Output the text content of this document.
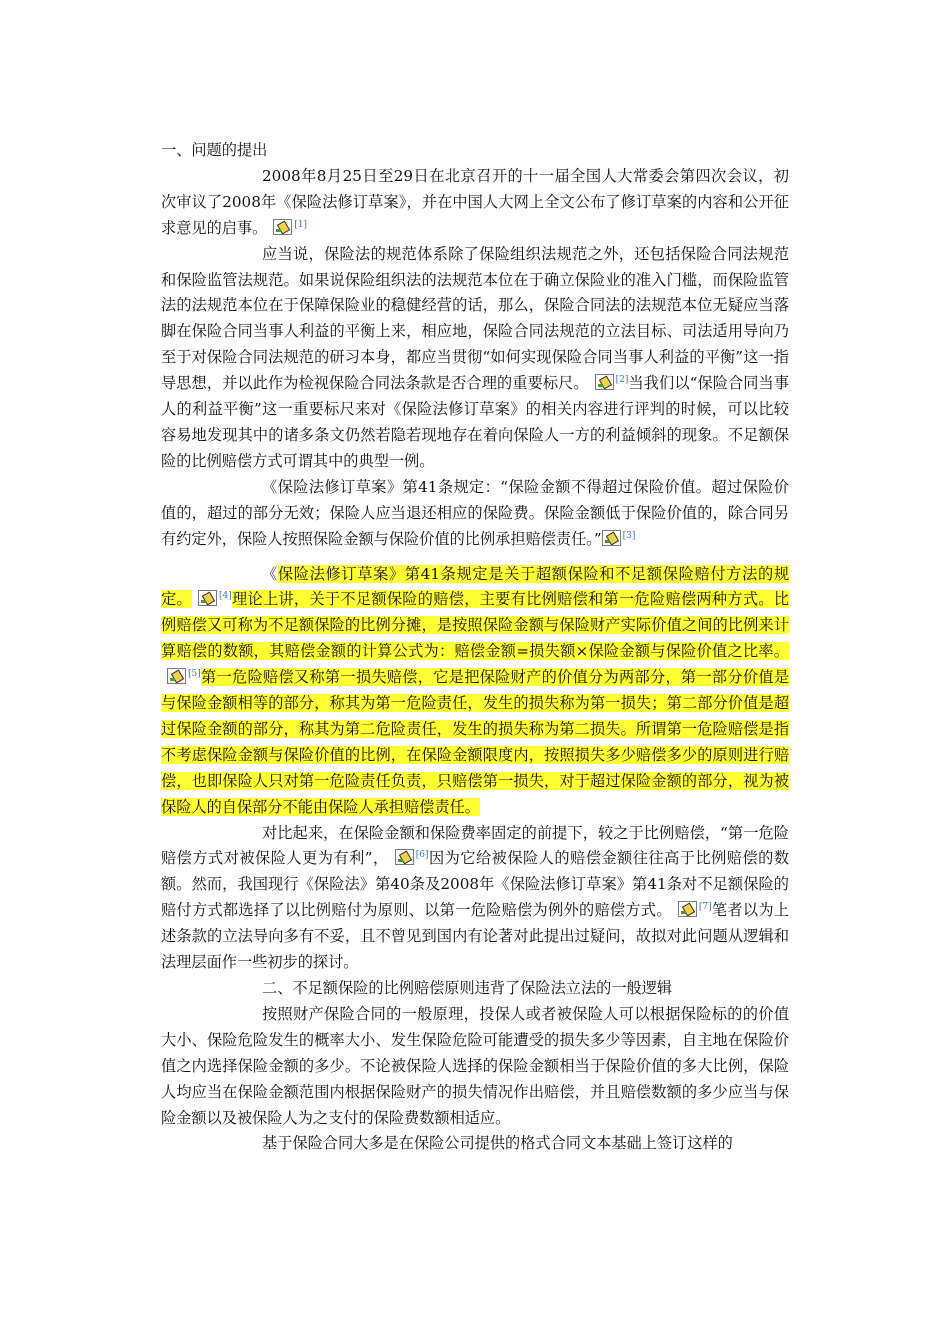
一、问题的提出

2008年8月25日至29日在北京召开的十一届全国人大常委会第四次会议，初次审议了2008年《保险法修订草案》，并在中国人大网上全文公布了修订草案的内容和公开征求意见的启事。	[1]

应当说，保险法的规范体系除了保险组织法规范之外，还包括保险合同法规范和保险监管法规范。如果说保险组织法的法规范本位在于确立保险业的准入门槛，而保险监管法的法规范本位在于保障保险业的稳健经营的话，那么，保险合同法的法规范本位无疑应当落脚在保险合同当事人利益的平衡上来，相应地，保险合同法规范的立法目标、司法适用导向乃至于对保险合同法规范的研习本身，都应当贯彻“如何实现保险合同当事人利益的平衡”这一指导思想，并以此作为检视保险合同法条款是否合理的重要标尺。	[2]当我们以“保险合同当事人的利益平衡”这一重要标尺来对《保险法修订草案》的相关内容进行评判的时候，可以比较容易地发现其中的诸多条文仍然若隐若现地存在着向保险人一方的利益倾斜的现象。不足额保险的比例赔偿方式可谓其中的典型一例。

《保险法修订草案》第41条规定：“保险金额不得超过保险价值。超过保险价值的，超过的部分无效；保险人应当退还相应的保险费。保险金额低于保险价值的，除合同另有约定外，保险人按照保险金额与保险价值的比例承担赔偿责任。” [3]

《保险法修订草案》第41条规定是关于超额保险和不足额保险赔付方法的规定。	[4]理论上讲，关于不足额保险的赔偿，主要有比例赔偿和第一危险赔偿两种方式。比例赔偿又可称为不足额保险的比例分摊，是按照保险金额与保险财产实际价值之间的比例来计算赔偿的数额，其赔偿金额的计算公式为：赔偿金额=损失额×保险金额与保险价值之比率。[5]第一危险赔偿又称第一损失赔偿，它是把保险财产的价值分为两部分，第一部分价值是与保险金额相等的部分，称其为第一危险责任，发生的损失称为第一损失；第二部分价值是超过保险金额的部分，称其为第二危险责任，发生的损失称为第二损失。所谓第一危险赔偿是指不考虑保险金额与保险价值的比例，在保险金额限度内，按照损失多少赔偿多少的原则进行赔偿，也即保险人只对第一危险责任负责，只赔偿第一损失，对于超过保险金额的部分，视为被保险人的自保部分不能由保险人承担赔偿责任。

对比起来，在保险金额和保险费率固定的前提下，较之于比例赔偿，“第一危险赔偿方式对被保险人更为有利”，	[6]因为它给被保险人的赔偿金额往往高于比例赔偿的数额。然而，我国现行《保险法》第40条及2008年《保险法修订草案》第41条对不足额保险的赔付方式都选择了以比例赔付为原则、以第一危险赔偿为例外的赔偿方式。	[7]笔者以为上述条款的立法导向多有不妥，且不曾见到国内有论著对此提出过疑问，故拟对此问题从逻辑和法理层面作一些初步的探讨。

二、不足额保险的比例赔偿原则违背了保险法立法的一般逻辑

按照财产保险合同的一般原理，投保人或者被保险人可以根据保险标的的价值大小、保险危险发生的概率大小、发生保险危险可能遭受的损失多少等因素，自主地在保险价值之内选择保险金额的多少。不论被保险人选择的保险金额相当于保险价值的多大比例，保险人均应当在保险金额范围内根据保险财产的损失情况作出赔偿，并且赔偿数额的多少应当与保险金额以及被保险人为之支付的保险费数额相适应。

基于保险合同大多是在保险公司提供的格式合同文本基础上签订这样的
